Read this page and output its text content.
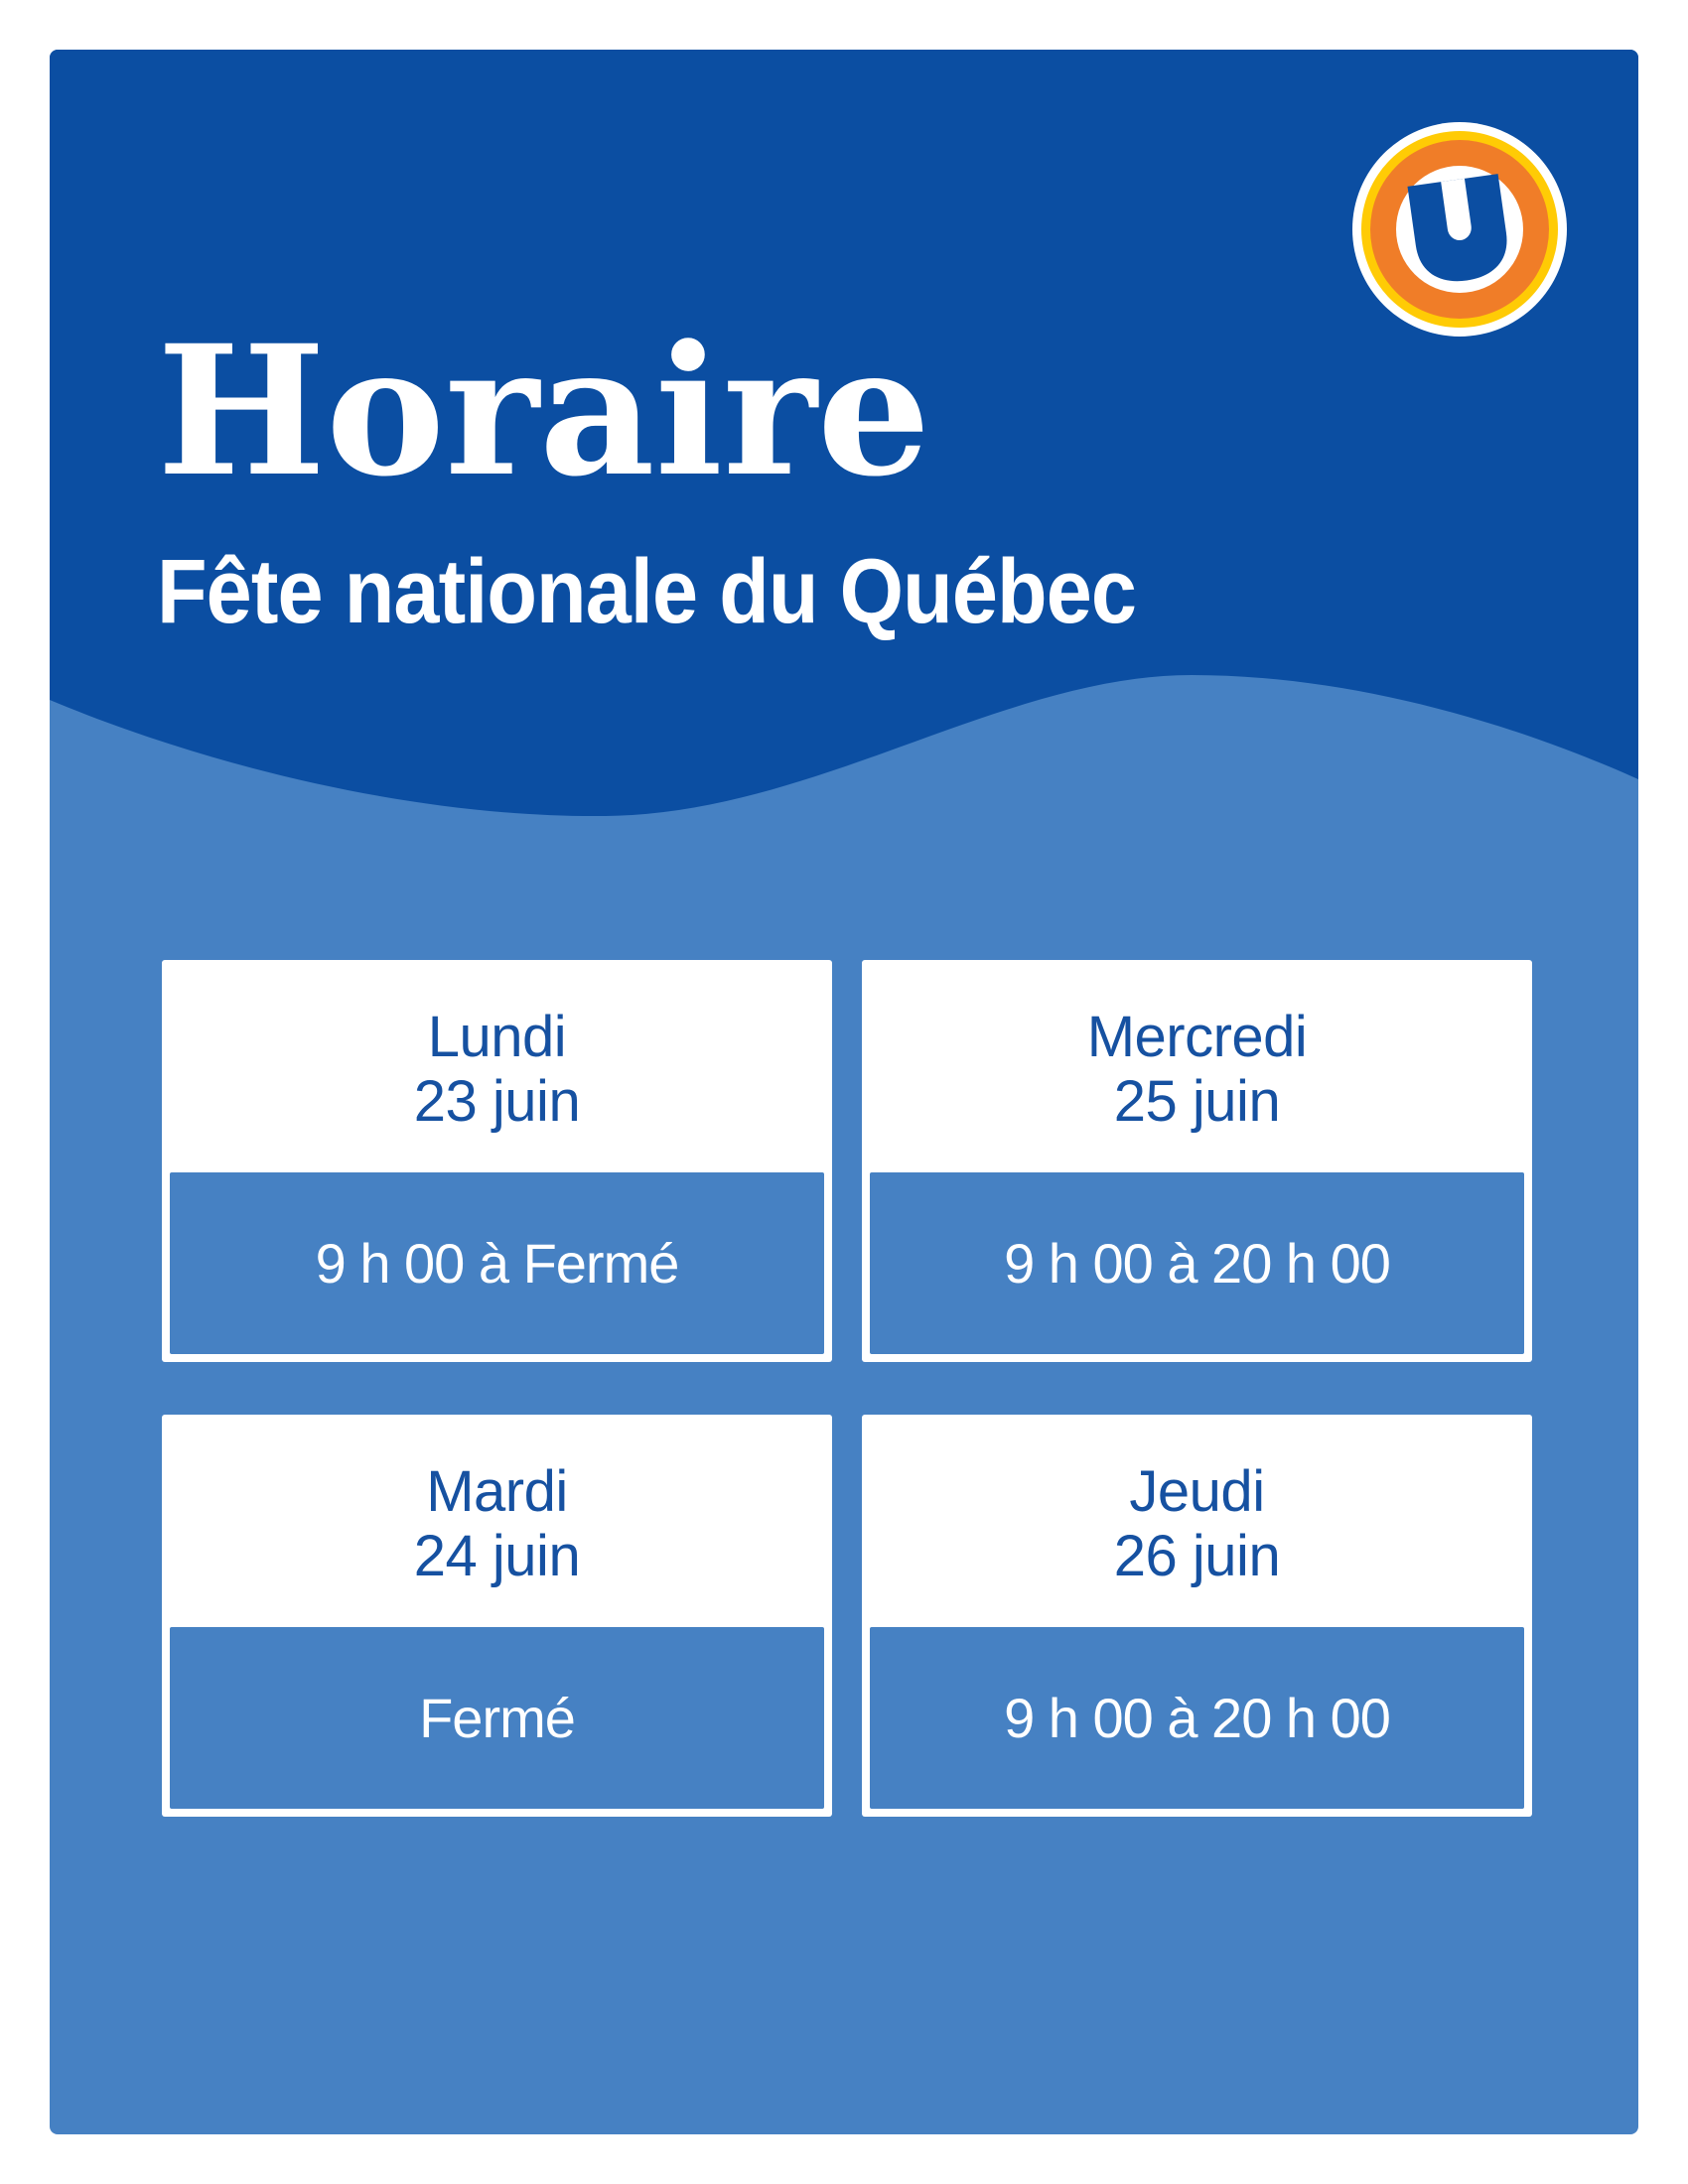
Horaire
Fête nationale du Québec
Lundi
23 juin
9 h 00 à Fermé
Mercredi
25 juin
9 h 00 à 20 h 00
Mardi
24 juin
Fermé
Jeudi
26 juin
9 h 00 à 20 h 00
